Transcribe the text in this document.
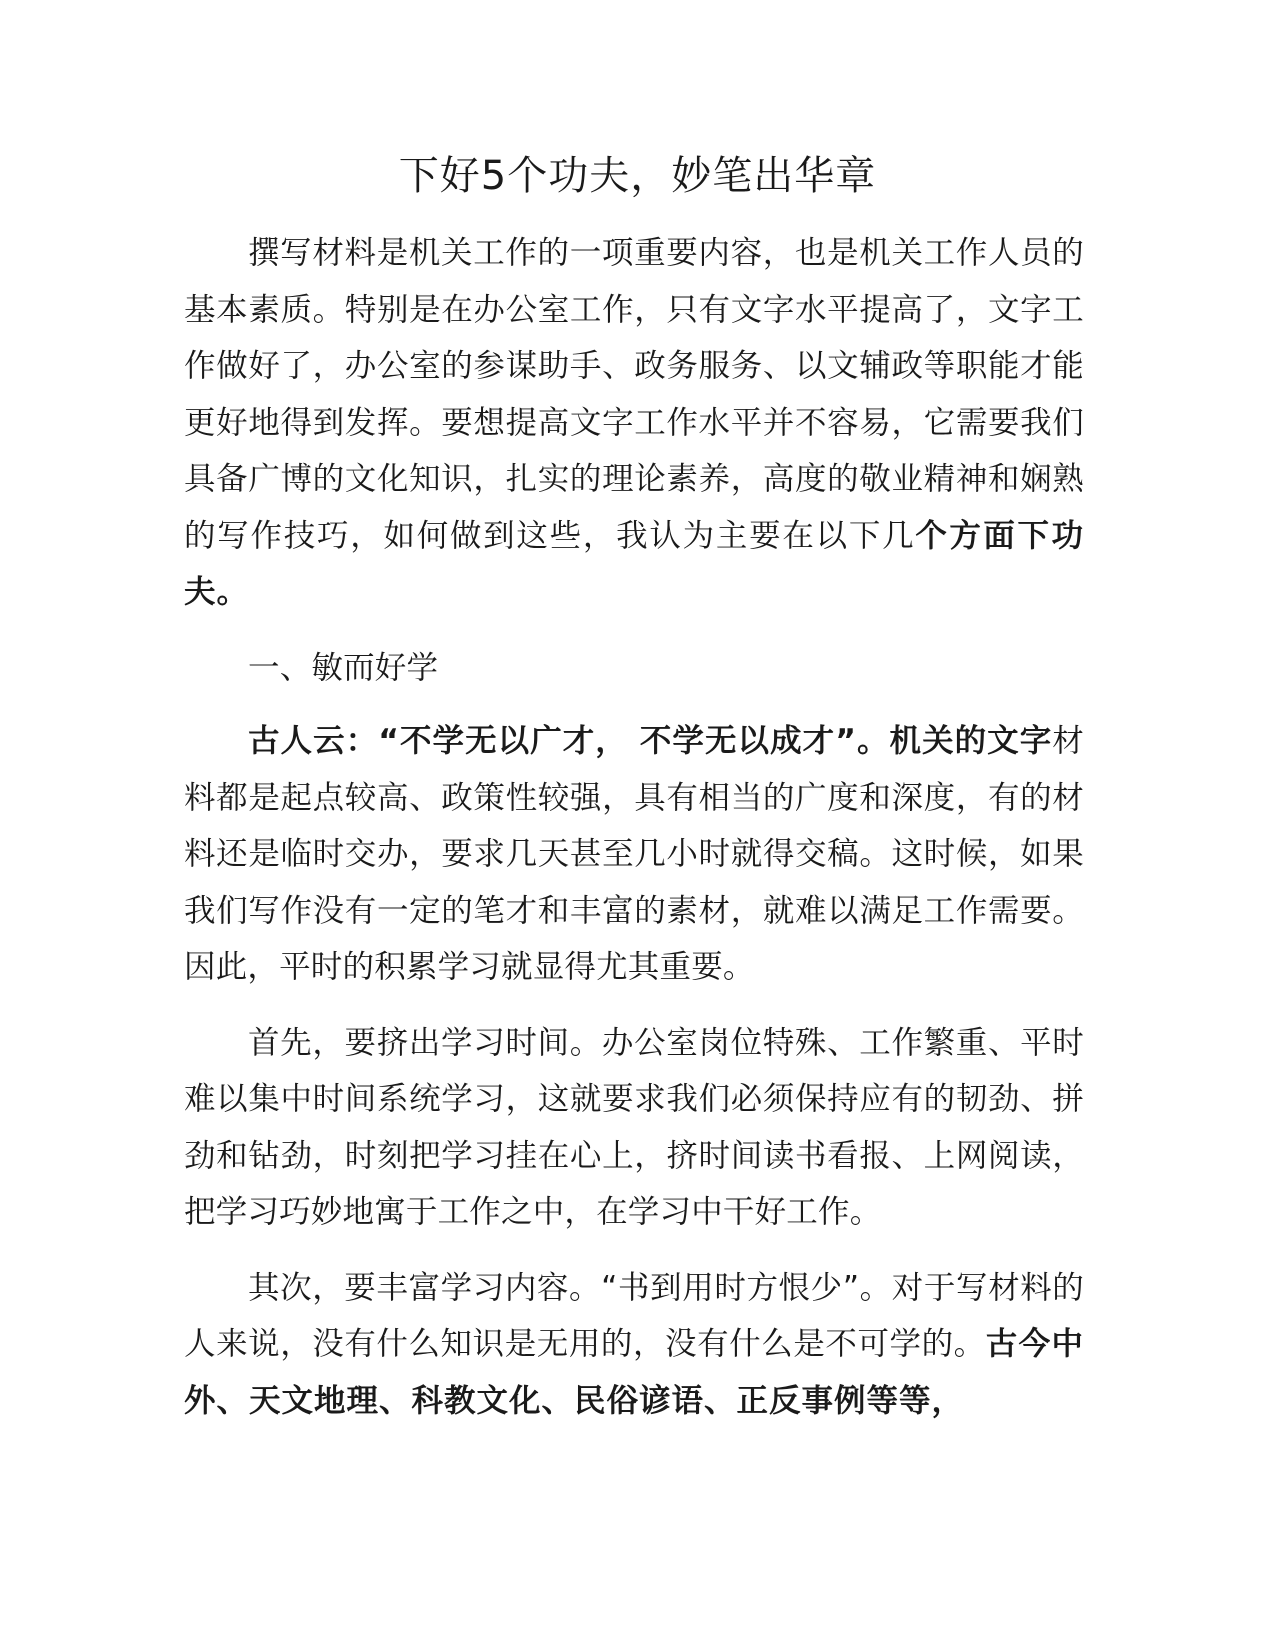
下好5个功夫，妙笔出华章

撰写材料是机关工作的一项重要内容，也是机关工作人员的基本素质。特别是在办公室工作，只有文字水平提高了，文字工作做好了，办公室的参谋助手、政务服务、以文辅政等职能才能更好地得到发挥。要想提高文字工作水平并不容易，它需要我们具备广博的文化知识，扎实的理论素养，高度的敬业精神和娴熟的写作技巧，如何做到这些，我认为主要在以下几个方面下功夫。

一、敏而好学

古人云：“不学无以广才， 不学无以成才”。机关的文字材料都是起点较高、政策性较强，具有相当的广度和深度，有的材料还是临时交办，要求几天甚至几小时就得交稿。这时候，如果我们写作没有一定的笔才和丰富的素材，就难以满足工作需要。因此，平时的积累学习就显得尤其重要。

首先，要挤出学习时间。办公室岗位特殊、工作繁重、平时难以集中时间系统学习，这就要求我们必须保持应有的韧劲、拼劲和钻劲，时刻把学习挂在心上，挤时间读书看报、上网阅读，把学习巧妙地寓于工作之中，在学习中干好工作。

其次，要丰富学习内容。“书到用时方恨少”。对于写材料的人来说，没有什么知识是无用的，没有什么是不可学的。古今中外、天文地理、科教文化、民俗谚语、正反事例等等，
